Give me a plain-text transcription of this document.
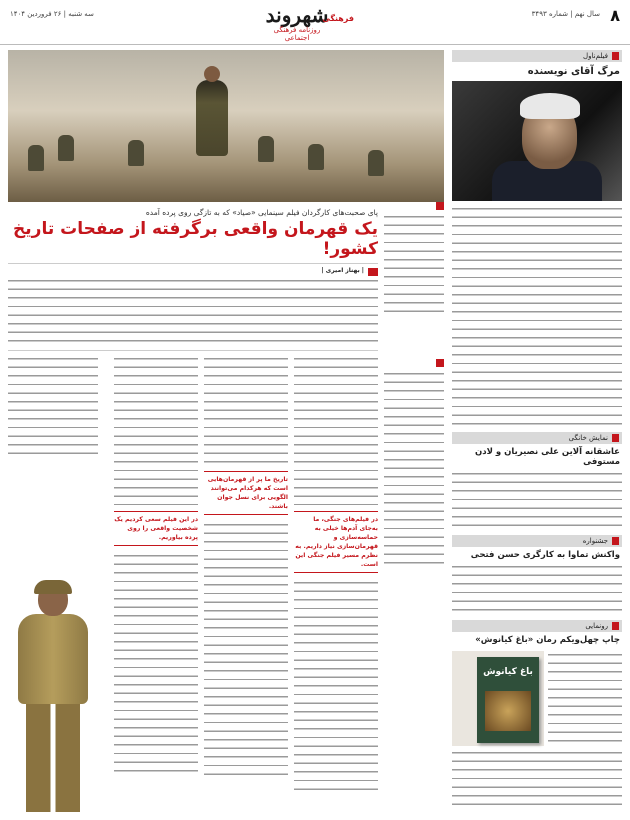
۸
سال نهم | شماره ۳۴۹۳
سه شنبه | ۲۶ فروردین ۱۴۰۴	شهروند
روزنامه فرهنگی اجتماعی
فرهنگی
فیلم‌ناول
مرگ آقای نویسنده
نمایش خانگی
عاشقانه آلاین علی نصیریان و لادن مستوفی
جشنواره
واکنش تماوا به کارگری حسن فتحی
رونمایی
چاپ چهل‌ویکم رمان «باغ کیانوش»
باغ کیانوش
پای صحبت‌های کارگردان فیلم سینمایی «صیاد» که به تازگی روی پرده آمده
یک قهرمان واقعی برگرفته از صفحات تاریخ کشور!
| بهناز امیری |
در فیلم‌های جنگی، ما به‌جای آدم‌ها خیلی به حماسه‌سازی و قهرمان‌سازی نیاز داریم. به نظرم مسیر فیلم جنگی این است.
تاریخ ما پر از قهرمان‌هایی است که هرکدام می‌توانند الگویی برای نسل جوان باشند.
در این فیلم سعی کردیم یک شخصیت واقعی را روی پرده بیاوریم.
